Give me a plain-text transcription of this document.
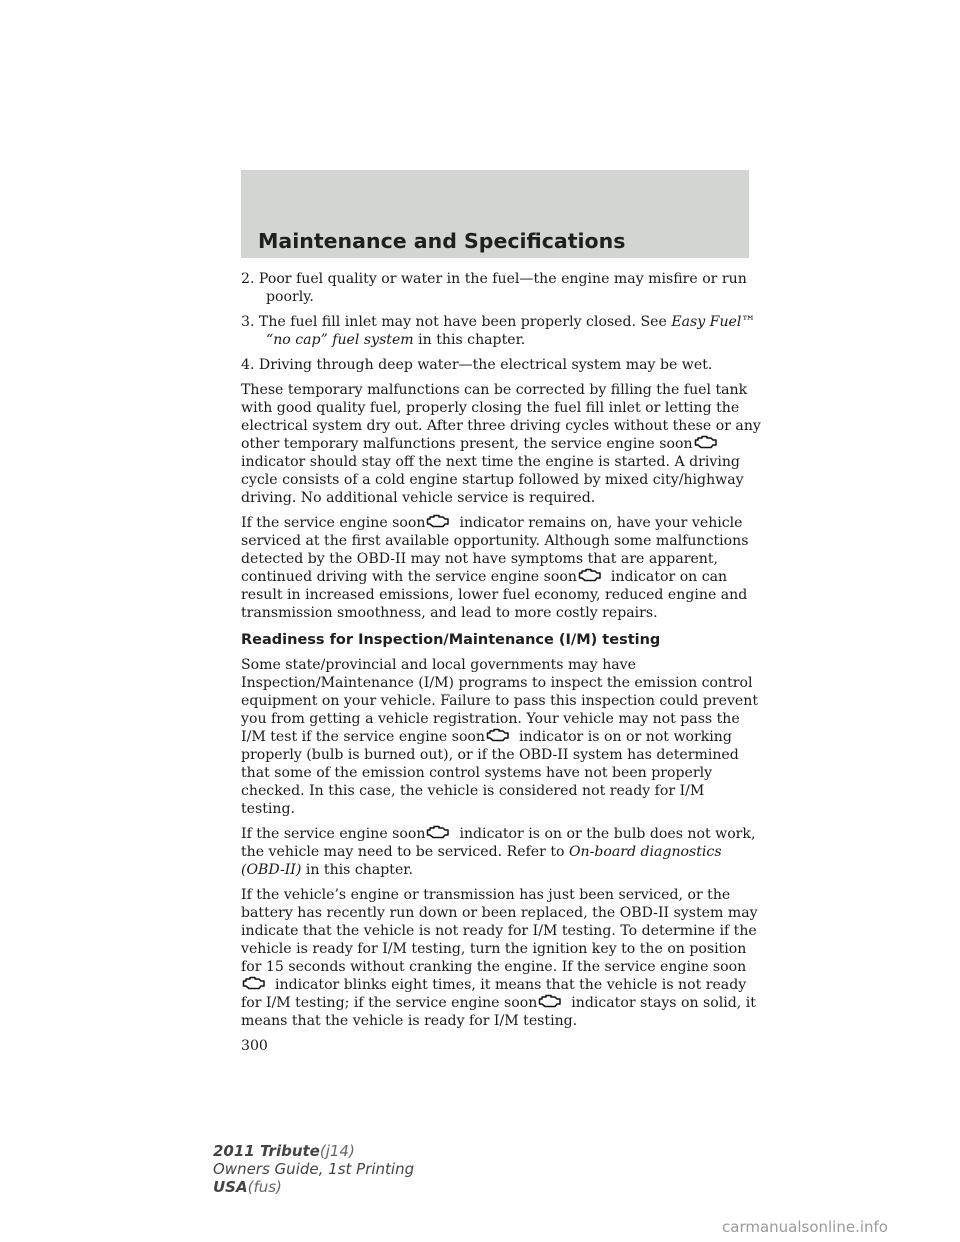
Maintenance and Specifications

2. Poor fuel quality or water in the fuel—the engine may misfire or run poorly.

3. The fuel fill inlet may not have been properly closed. See Easy Fuel™ “no cap” fuel system in this chapter.

4. Driving through deep water—the electrical system may be wet.

These temporary malfunctions can be corrected by filling the fuel tank with good quality fuel, properly closing the fuel fill inlet or letting the electrical system dry out. After three driving cycles without these or any other temporary malfunctions present, the service engine soon
indicator should stay off the next time the engine is started. A driving cycle consists of a cold engine startup followed by mixed city/highway driving. No additional vehicle service is required.

If the service engine soon indicator remains on, have your vehicle serviced at the first available opportunity. Although some malfunctions detected by the OBD-II may not have symptoms that are apparent, continued driving with the service engine soon indicator on can result in increased emissions, lower fuel economy, reduced engine and transmission smoothness, and lead to more costly repairs.

Readiness for Inspection/Maintenance (I/M) testing

Some state/provincial and local governments may have Inspection/Maintenance (I/M) programs to inspect the emission control equipment on your vehicle. Failure to pass this inspection could prevent you from getting a vehicle registration. Your vehicle may not pass the I/M test if the service engine soon indicator is on or not working properly (bulb is burned out), or if the OBD-II system has determined that some of the emission control systems have not been properly checked. In this case, the vehicle is considered not ready for I/M testing.

If the service engine soon indicator is on or the bulb does not work, the vehicle may need to be serviced. Refer to On-board diagnostics (OBD-II) in this chapter.

If the vehicle’s engine or transmission has just been serviced, or the battery has recently run down or been replaced, the OBD-II system may indicate that the vehicle is not ready for I/M testing. To determine if the vehicle is ready for I/M testing, turn the ignition key to the on position for 15 seconds without cranking the engine. If the service engine soon
indicator blinks eight times, it means that the vehicle is not ready for I/M testing; if the service engine soon indicator stays on solid, it means that the vehicle is ready for I/M testing.

300

2011 Tribute(j14)
Owners Guide, 1st Printing
USA(fus)
carmanualsonline.info
